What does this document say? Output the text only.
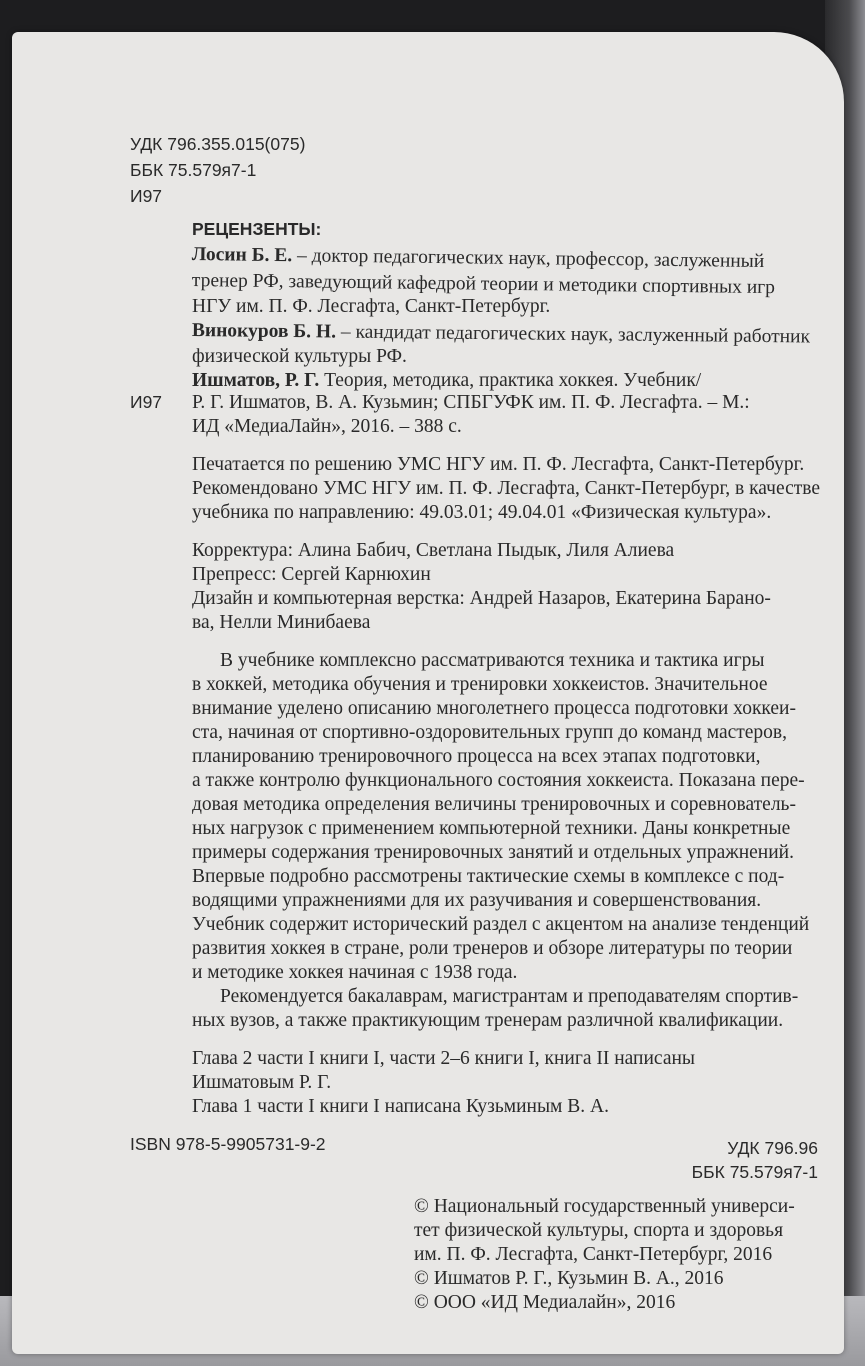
УДК 796.355.015(075)
ББК 75.579я7-1
И97
РЕЦЕНЗЕНТЫ:
Лосин Б. Е. – доктор педагогических наук, профессор, заслуженный
тренер РФ, заведующий кафедрой теории и методики спортивных игр
НГУ им. П. Ф. Лесгафта, Санкт-Петербург.
Винокуров Б. Н. – кандидат педагогических наук, заслуженный работник
физической культуры РФ.
Ишматов, Р. Г. Теория, методика, практика хоккея. Учебник/
И97 Р. Г. Ишматов, В. А. Кузьмин; СПБГУФК им. П. Ф. Лесгафта. – М.:
ИД «МедиаЛайн», 2016. – 388 с.
Печатается по решению УМС НГУ им. П. Ф. Лесгафта, Санкт-Петербург.
Рекомендовано УМС НГУ им. П. Ф. Лесгафта, Санкт-Петербург, в качестве
учебника по направлению: 49.03.01; 49.04.01 «Физическая культура».
Корректура: Алина Бабич, Светлана Пыдык, Лиля Алиева
Препресс: Сергей Карнюхин
Дизайн и компьютерная верстка: Андрей Назаров, Екатерина Барано-
ва, Нелли Минибаева
В учебнике комплексно рассматриваются техника и тактика игры
в хоккей, методика обучения и тренировки хоккеистов. Значительное
внимание уделено описанию многолетнего процесса подготовки хоккеи-
ста, начиная от спортивно-оздоровительных групп до команд мастеров,
планированию тренировочного процесса на всех этапах подготовки,
а также контролю функционального состояния хоккеиста. Показана пере-
довая методика определения величины тренировочных и соревнователь-
ных нагрузок с применением компьютерной техники. Даны конкретные
примеры содержания тренировочных занятий и отдельных упражнений.
Впервые подробно рассмотрены тактические схемы в комплексе с под-
водящими упражнениями для их разучивания и совершенствования.
Учебник содержит исторический раздел с акцентом на анализе тенденций
развития хоккея в стране, роли тренеров и обзоре литературы по теории
и методике хоккея начиная с 1938 года.
Рекомендуется бакалаврам, магистрантам и преподавателям спортив-
ных вузов, а также практикующим тренерам различной квалификации.
Глава 2 части I книги I, части 2–6 книги I, книга II написаны
Ишматовым Р. Г.
Глава 1 части I книги I написана Кузьминым В. А.
ISBN 978-5-9905731-9-2	УДК 796.96
ББК 75.579я7-1
© Национальный государственный универси-
тет физической культуры, спорта и здоровья
им. П. Ф. Лесгафта, Санкт-Петербург, 2016
© Ишматов Р. Г., Кузьмин В. А., 2016
© ООО «ИД Медиалайн», 2016
